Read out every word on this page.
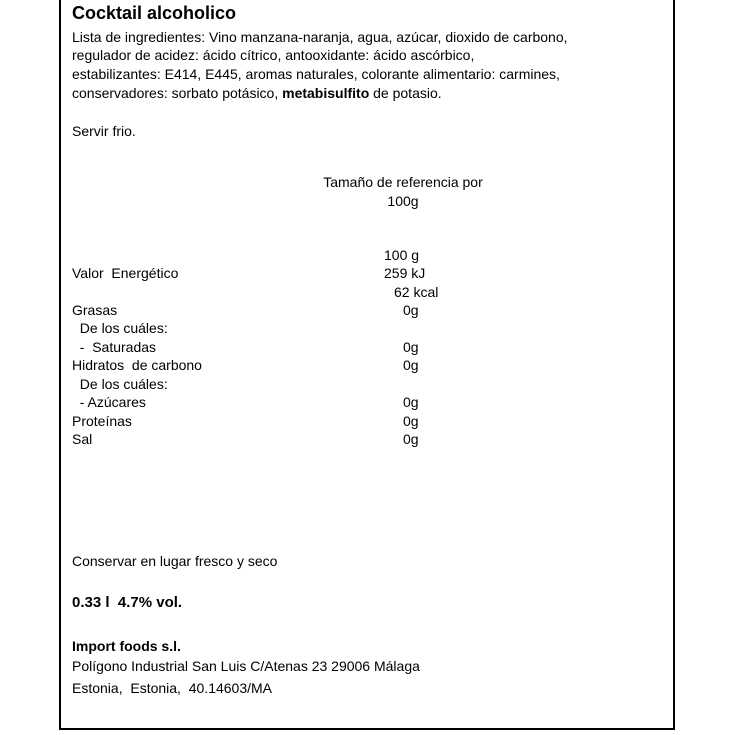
Cocktail alcoholico
Lista de ingredientes: Vino manzana-naranja, agua, azúcar, dioxido de carbono,
regulador de acidez: ácido cítrico, antooxidante: ácido ascórbico,
estabilizantes: E414, E445, aromas naturales, colorante alimentario: carmines,
conservadores: sorbato potásico, metabisulfito de potasio.
Servir frio.
Tamaño de referencia por
100g
100 g
Valor  Energético	259 kJ
62 kcal
Grasas	0g
De los cuáles:
-  Saturadas	0g
Hidratos  de carbono	0g
De los cuáles:
- Azúcares	0g
Proteínas	0g
Sal	0g
Conservar en lugar fresco y seco
0.33 l  4.7% vol.
Import foods s.l.
Polígono Industrial San Luis C/Atenas 23 29006 Málaga
Estonia,  Estonia,  40.14603/MA
